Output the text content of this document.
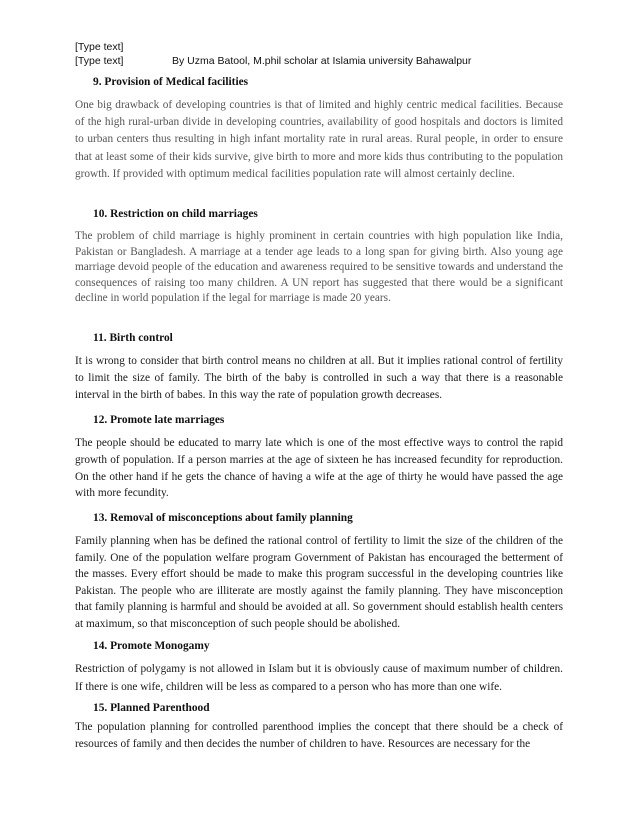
[Type text]
[Type text]	By Uzma Batool, M.phil scholar at Islamia university Bahawalpur
9. Provision of Medical facilities

One big drawback of developing countries is that of limited and highly centric medical facilities. Because of the high rural-urban divide in developing countries, availability of good hospitals and doctors is limited to urban centers thus resulting in high infant mortality rate in rural areas. Rural people, in order to ensure that at least some of their kids survive, give birth to more and more kids thus contributing to the population growth. If provided with optimum medical facilities population rate will almost certainly decline.

10. Restriction on child marriages

The problem of child marriage is highly prominent in certain countries with high population like India, Pakistan or Bangladesh. A marriage at a tender age leads to a long span for giving birth. Also young age marriage devoid people of the education and awareness required to be sensitive towards and understand the consequences of raising too many children. A UN report has suggested that there would be a significant decline in world population if the legal for marriage is made 20 years.

11. Birth control

It is wrong to consider that birth control means no children at all. But it implies rational control of fertility to limit the size of family. The birth of the baby is controlled in such a way that there is a reasonable interval in the birth of babes. In this way the rate of population growth decreases.

12. Promote late marriages

The people should be educated to marry late which is one of the most effective ways to control the rapid growth of population. If a person marries at the age of sixteen he has increased fecundity for reproduction. On the other hand if he gets the chance of having a wife at the age of thirty he would have passed the age with more fecundity.

13. Removal of misconceptions about family planning

Family planning when has be defined the rational control of fertility to limit the size of the children of the family. One of the population welfare program Government of Pakistan has encouraged the betterment of the masses. Every effort should be made to make this program successful in the developing countries like Pakistan. The people who are illiterate are mostly against the family planning. They have misconception that family planning is harmful and should be avoided at all. So government should establish health centers at maximum, so that misconception of such people should be abolished.

14. Promote Monogamy

Restriction of polygamy is not allowed in Islam but it is obviously cause of maximum number of children. If there is one wife, children will be less as compared to a person who has more than one wife.

15. Planned Parenthood

The population planning for controlled parenthood implies the concept that there should be a check of resources of family and then decides the number of children to have. Resources are necessary for the
